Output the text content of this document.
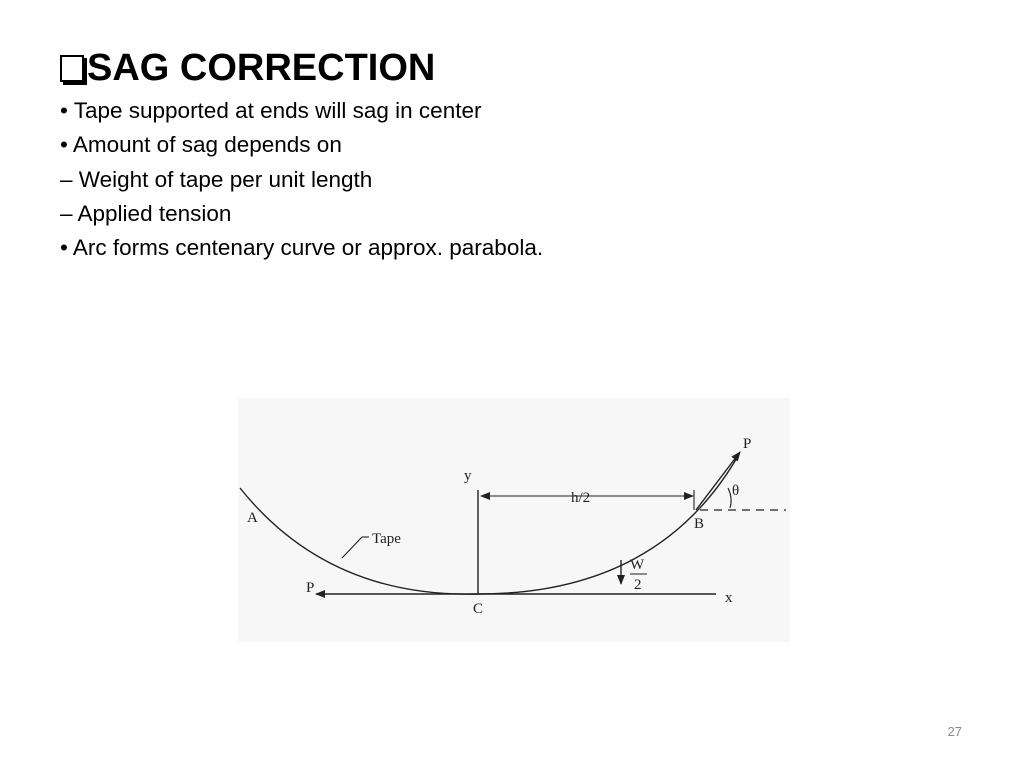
SAG CORRECTION
• Tape supported at ends will sag in center
• Amount of sag depends on
– Weight of tape per unit length
– Applied tension
• Arc forms centenary curve or approx. parabola.
A
Tape
P
C
y
h/2
B
θ
P
W
2
x
27
